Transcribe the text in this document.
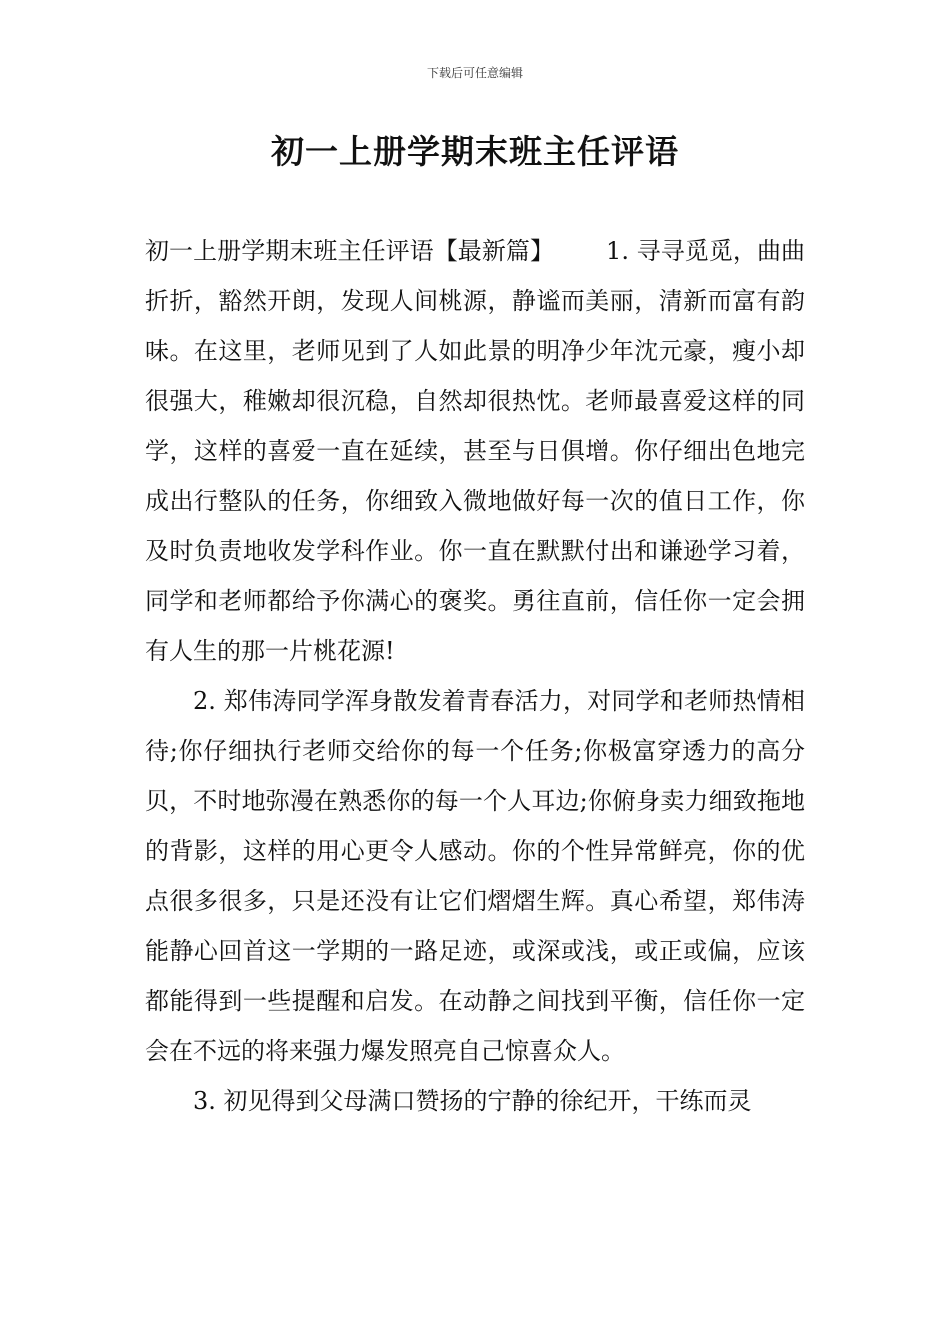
下载后可任意编辑
初一上册学期末班主任评语

初一上册学期末班主任评语【最新篇】 1. 寻寻觅觅，曲曲折折，豁然开朗，发现人间桃源，静谧而美丽，清新而富有韵味。在这里，老师见到了人如此景的明净少年沈元豪，瘦小却很强大，稚嫩却很沉稳，自然却很热忱。老师最喜爱这样的同学，这样的喜爱一直在延续，甚至与日俱增。你仔细出色地完成出行整队的任务，你细致入微地做好每一次的值日工作，你及时负责地收发学科作业。你一直在默默付出和谦逊学习着，同学和老师都给予你满心的褒奖。勇往直前，信任你一定会拥有人生的那一片桃花源!

2. 郑伟涛同学浑身散发着青春活力，对同学和老师热情相待;你仔细执行老师交给你的每一个任务;你极富穿透力的高分贝，不时地弥漫在熟悉你的每一个人耳边;你俯身卖力细致拖地的背影，这样的用心更令人感动。你的个性异常鲜亮，你的优点很多很多，只是还没有让它们熠熠生辉。真心希望，郑伟涛能静心回首这一学期的一路足迹，或深或浅，或正或偏，应该都能得到一些提醒和启发。在动静之间找到平衡，信任你一定会在不远的将来强力爆发照亮自己惊喜众人。

3. 初见得到父母满口赞扬的宁静的徐纪开，干练而灵
